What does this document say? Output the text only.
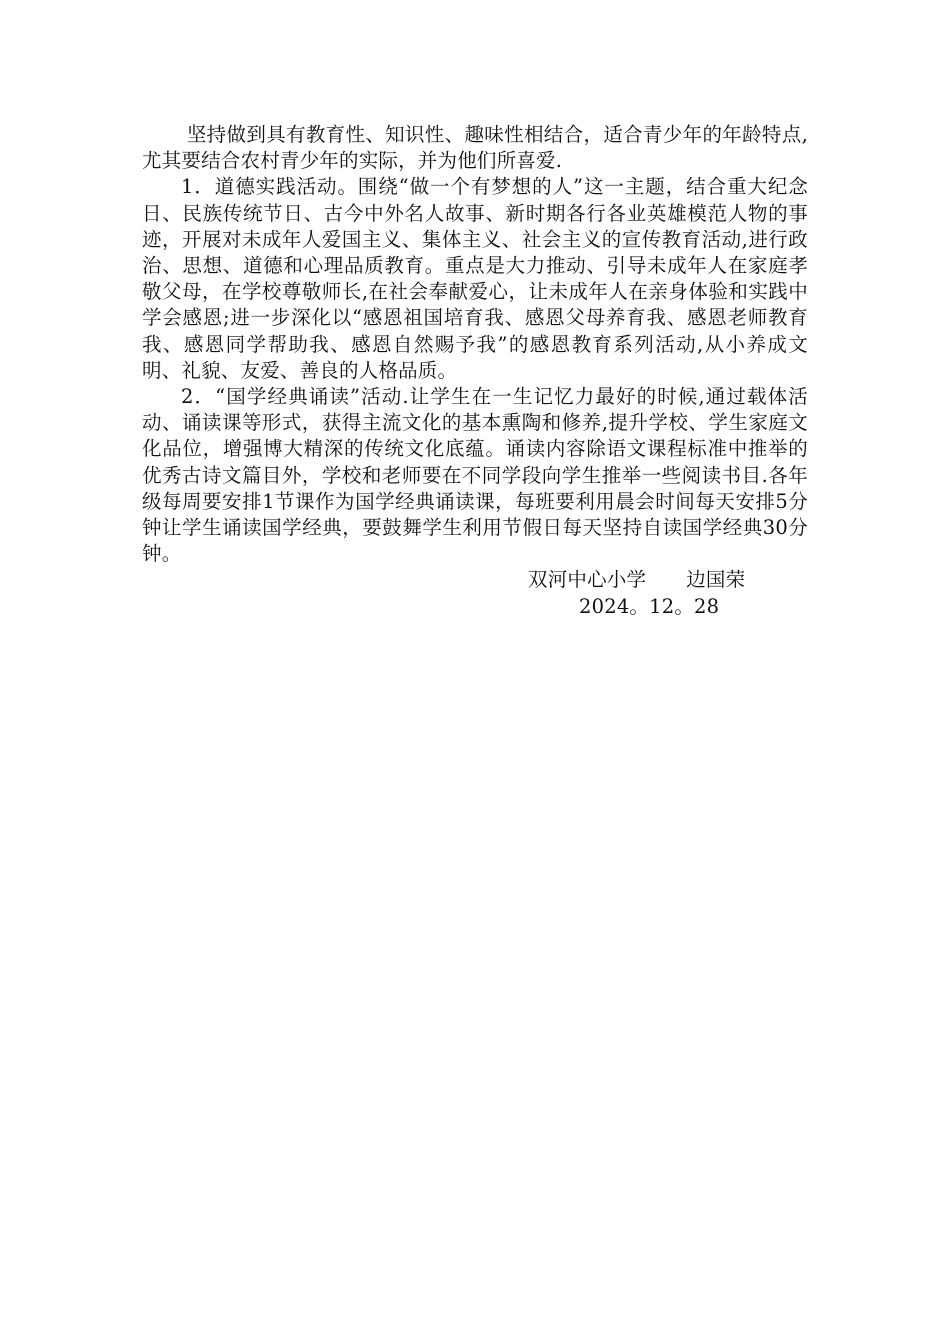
坚持做到具有教育性、知识性、趣味性相结合，适合青少年的年龄特点,尤其要结合农村青少年的实际，并为他们所喜爱.

1．道德实践活动。围绕“做一个有梦想的人”这一主题，结合重大纪念日、民族传统节日、古今中外名人故事、新时期各行各业英雄模范人物的事迹，开展对未成年人爱国主义、集体主义、社会主义的宣传教育活动,进行政治、思想、道德和心理品质教育。重点是大力推动、引导未成年人在家庭孝敬父母，在学校尊敬师长,在社会奉献爱心，让未成年人在亲身体验和实践中学会感恩;进一步深化以“感恩祖国培育我、感恩父母养育我、感恩老师教育我、感恩同学帮助我、感恩自然赐予我”的感恩教育系列活动,从小养成文明、礼貌、友爱、善良的人格品质。

2．“国学经典诵读”活动.让学生在一生记忆力最好的时候,通过载体活动、诵读课等形式，获得主流文化的基本熏陶和修养,提升学校、学生家庭文化品位，增强博大精深的传统文化底蕴。诵读内容除语文课程标准中推举的优秀古诗文篇目外，学校和老师要在不同学段向学生推举一些阅读书目.各年级每周要安排1节课作为国学经典诵读课，每班要利用晨会时间每天安排5分钟让学生诵读国学经典，要鼓舞学生利用节假日每天坚持自读国学经典30分钟。

双河中心小学 边国荣

2024。12。28
